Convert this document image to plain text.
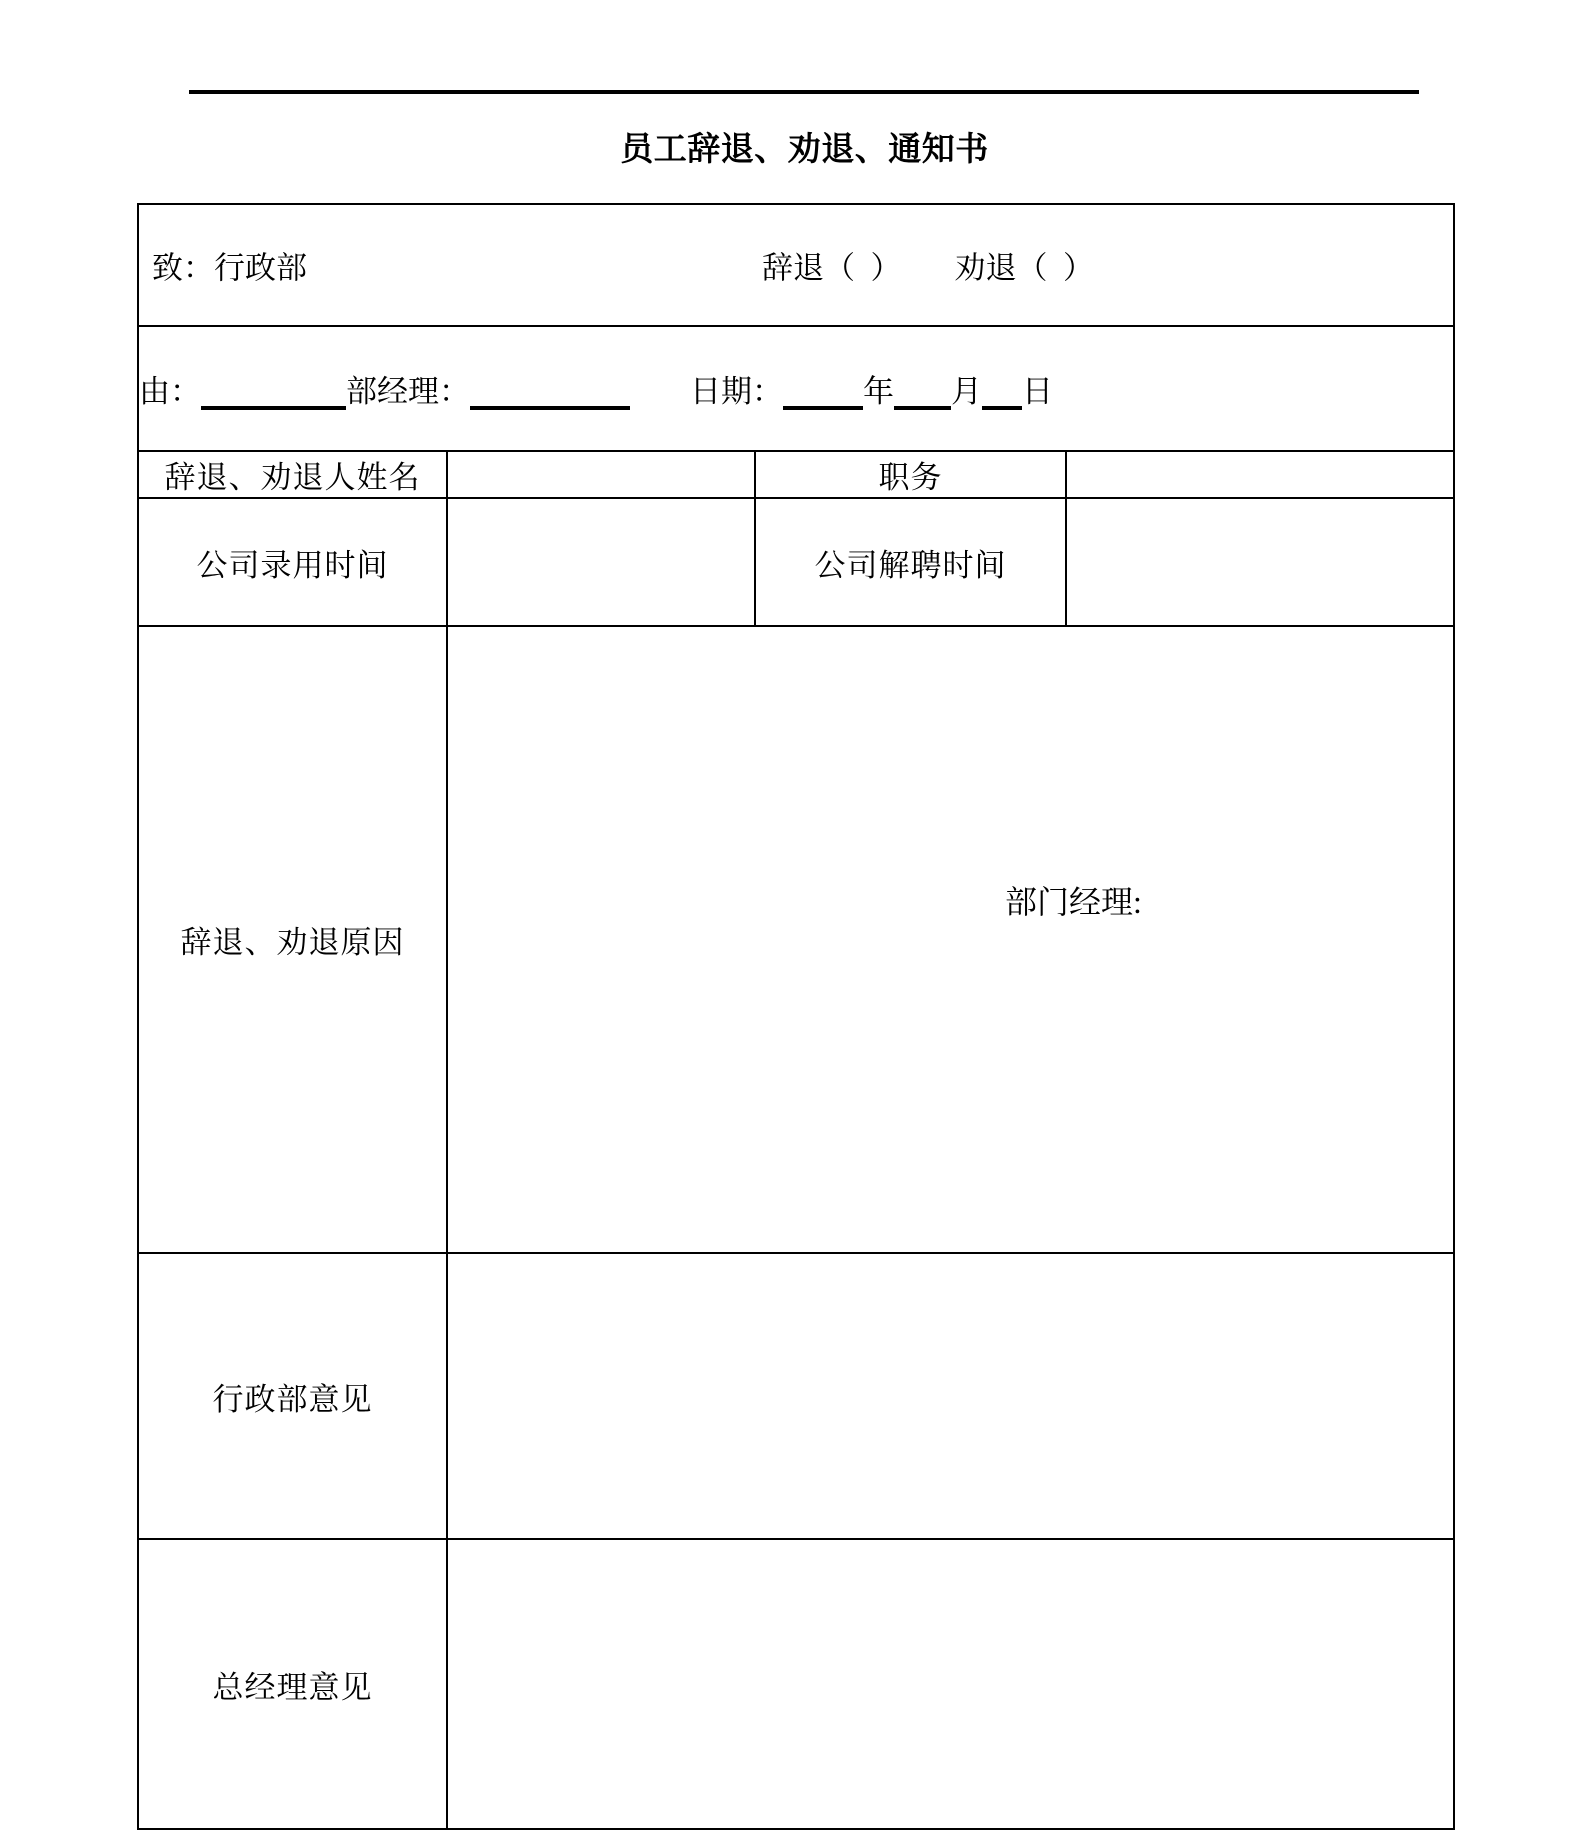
员工辞退、劝退、通知书
致：行政部 辞退（  ） 劝退（  ）			

由： 部经理： 日期： 年 月 日			
辞退、劝退人姓名		职务	
公司录用时间		公司解聘时间	
辞退、劝退原因	部门经理:		

行政部意见			
总经理意见			
